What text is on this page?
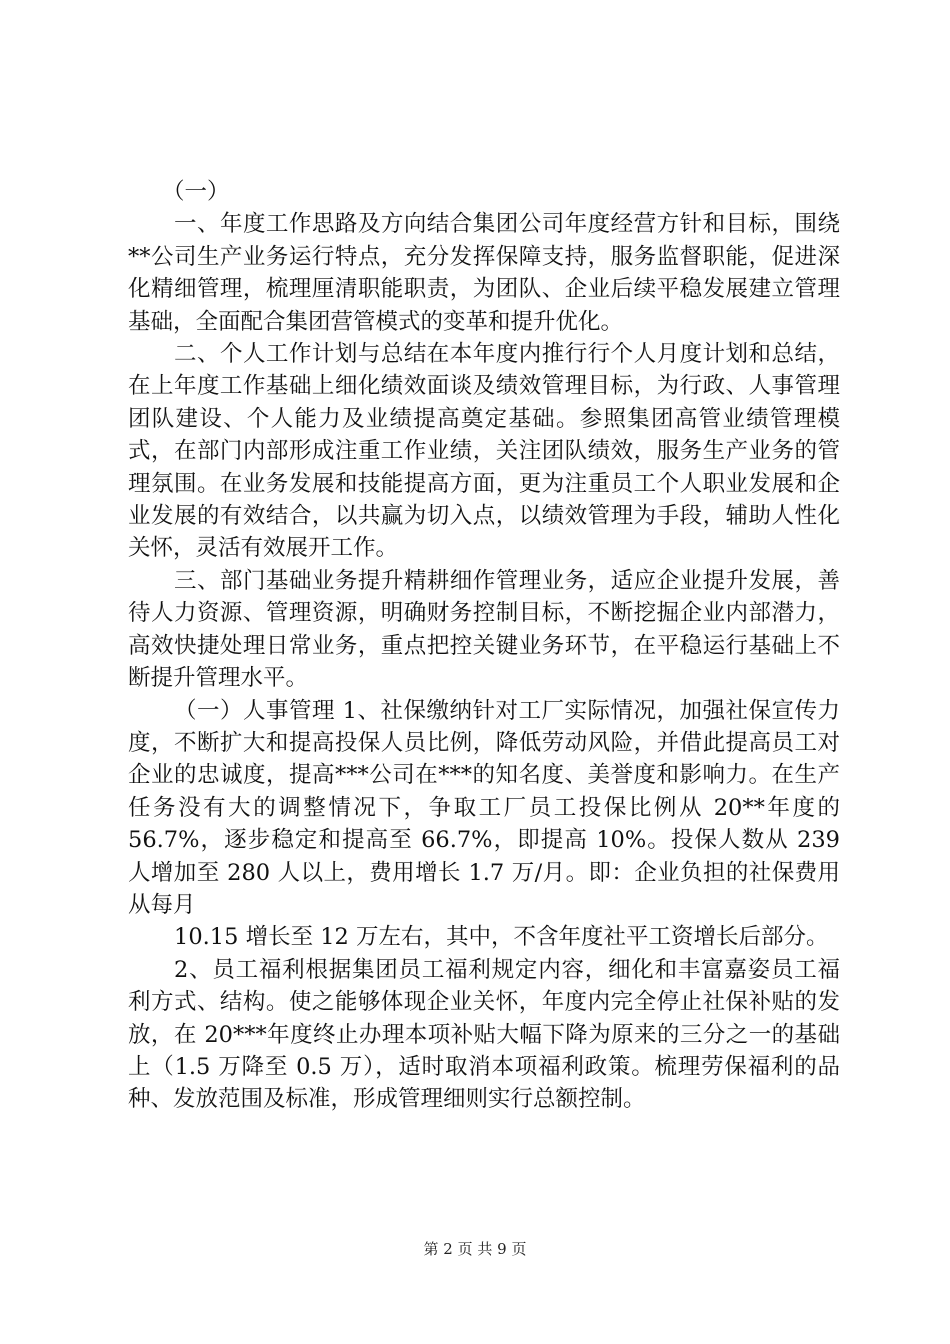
（一）

一、年度工作思路及方向结合集团公司年度经营方针和目标，围绕**公司生产业务运行特点，充分发挥保障支持，服务监督职能，促进深化精细管理，梳理厘清职能职责，为团队、企业后续平稳发展建立管理基础，全面配合集团营管模式的变革和提升优化。

二、个人工作计划与总结在本年度内推行行个人月度计划和总结，在上年度工作基础上细化绩效面谈及绩效管理目标，为行政、人事管理团队建设、个人能力及业绩提高奠定基础。参照集团高管业绩管理模式，在部门内部形成注重工作业绩，关注团队绩效，服务生产业务的管理氛围。在业务发展和技能提高方面，更为注重员工个人职业发展和企业发展的有效结合，以共赢为切入点，以绩效管理为手段，辅助人性化关怀，灵活有效展开工作。

三、部门基础业务提升精耕细作管理业务，适应企业提升发展，善待人力资源、管理资源，明确财务控制目标，不断挖掘企业内部潜力，高效快捷处理日常业务，重点把控关键业务环节，在平稳运行基础上不断提升管理水平。

（一）人事管理 1、社保缴纳针对工厂实际情况，加强社保宣传力度，不断扩大和提高投保人员比例，降低劳动风险，并借此提高员工对企业的忠诚度，提高***公司在***的知名度、美誉度和影响力。在生产任务没有大的调整情况下，争取工厂员工投保比例从 20**年度的 56.7%，逐步稳定和提高至 66.7%，即提高 10%。投保人数从 239 人增加至 280 人以上，费用增长 1.7 万/月。即：企业负担的社保费用从每月

10.15 增长至 12 万左右，其中，不含年度社平工资增长后部分。

2、员工福利根据集团员工福利规定内容，细化和丰富嘉姿员工福利方式、结构。使之能够体现企业关怀，年度内完全停止社保补贴的发放，在 20***年度终止办理本项补贴大幅下降为原来的三分之一的基础上（1.5 万降至 0.5 万），适时取消本项福利政策。梳理劳保福利的品种、发放范围及标准，形成管理细则实行总额控制。

第 2 页 共 9 页
